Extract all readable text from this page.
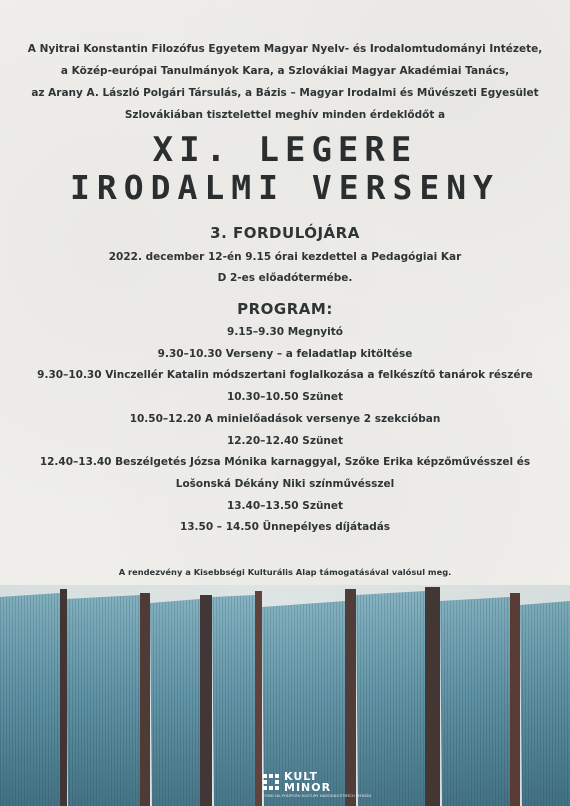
A Nyitrai Konstantin Filozófus Egyetem Magyar Nyelv- és Irodalomtudományi Intézete,
a Közép-európai Tanulmányok Kara, a Szlovákiai Magyar Akadémiai Tanács,
az Arany A. László Polgári Társulás, a Bázis – Magyar Irodalmi és Művészeti Egyesület
Szlovákiában tisztelettel meghív minden érdeklődőt a
XI. LEGERE
IRODALMI VERSENY
3. FORDULÓJÁRA
2022. december 12-én 9.15 órai kezdettel a Pedagógiai Kar
D 2-es előadótermébe.
PROGRAM:
9.15–9.30 Megnyitó
9.30–10.30 Verseny – a feladatlap kitöltése
9.30–10.30 Vinczellér Katalin módszertani foglalkozása a felkészítő tanárok részére
10.30–10.50 Szünet
10.50–12.20 A minielőadások versenye 2 szekcióban
12.20–12.40 Szünet
12.40–13.40 Beszélgetés Józsa Mónika karnaggyal, Szőke Erika képzőművésszel és
Lošonská Dékány Niki színművésszel
13.40–13.50 Szünet
13.50 – 14.50 Ünnepélyes díjátadás
A rendezvény a Kisebbségi Kulturális Alap támogatásával valósul meg.
KULT
MINOR
FOND NA PODPORU KULTÚRY NÁRODNOSTNÝCH MENŠÍN
